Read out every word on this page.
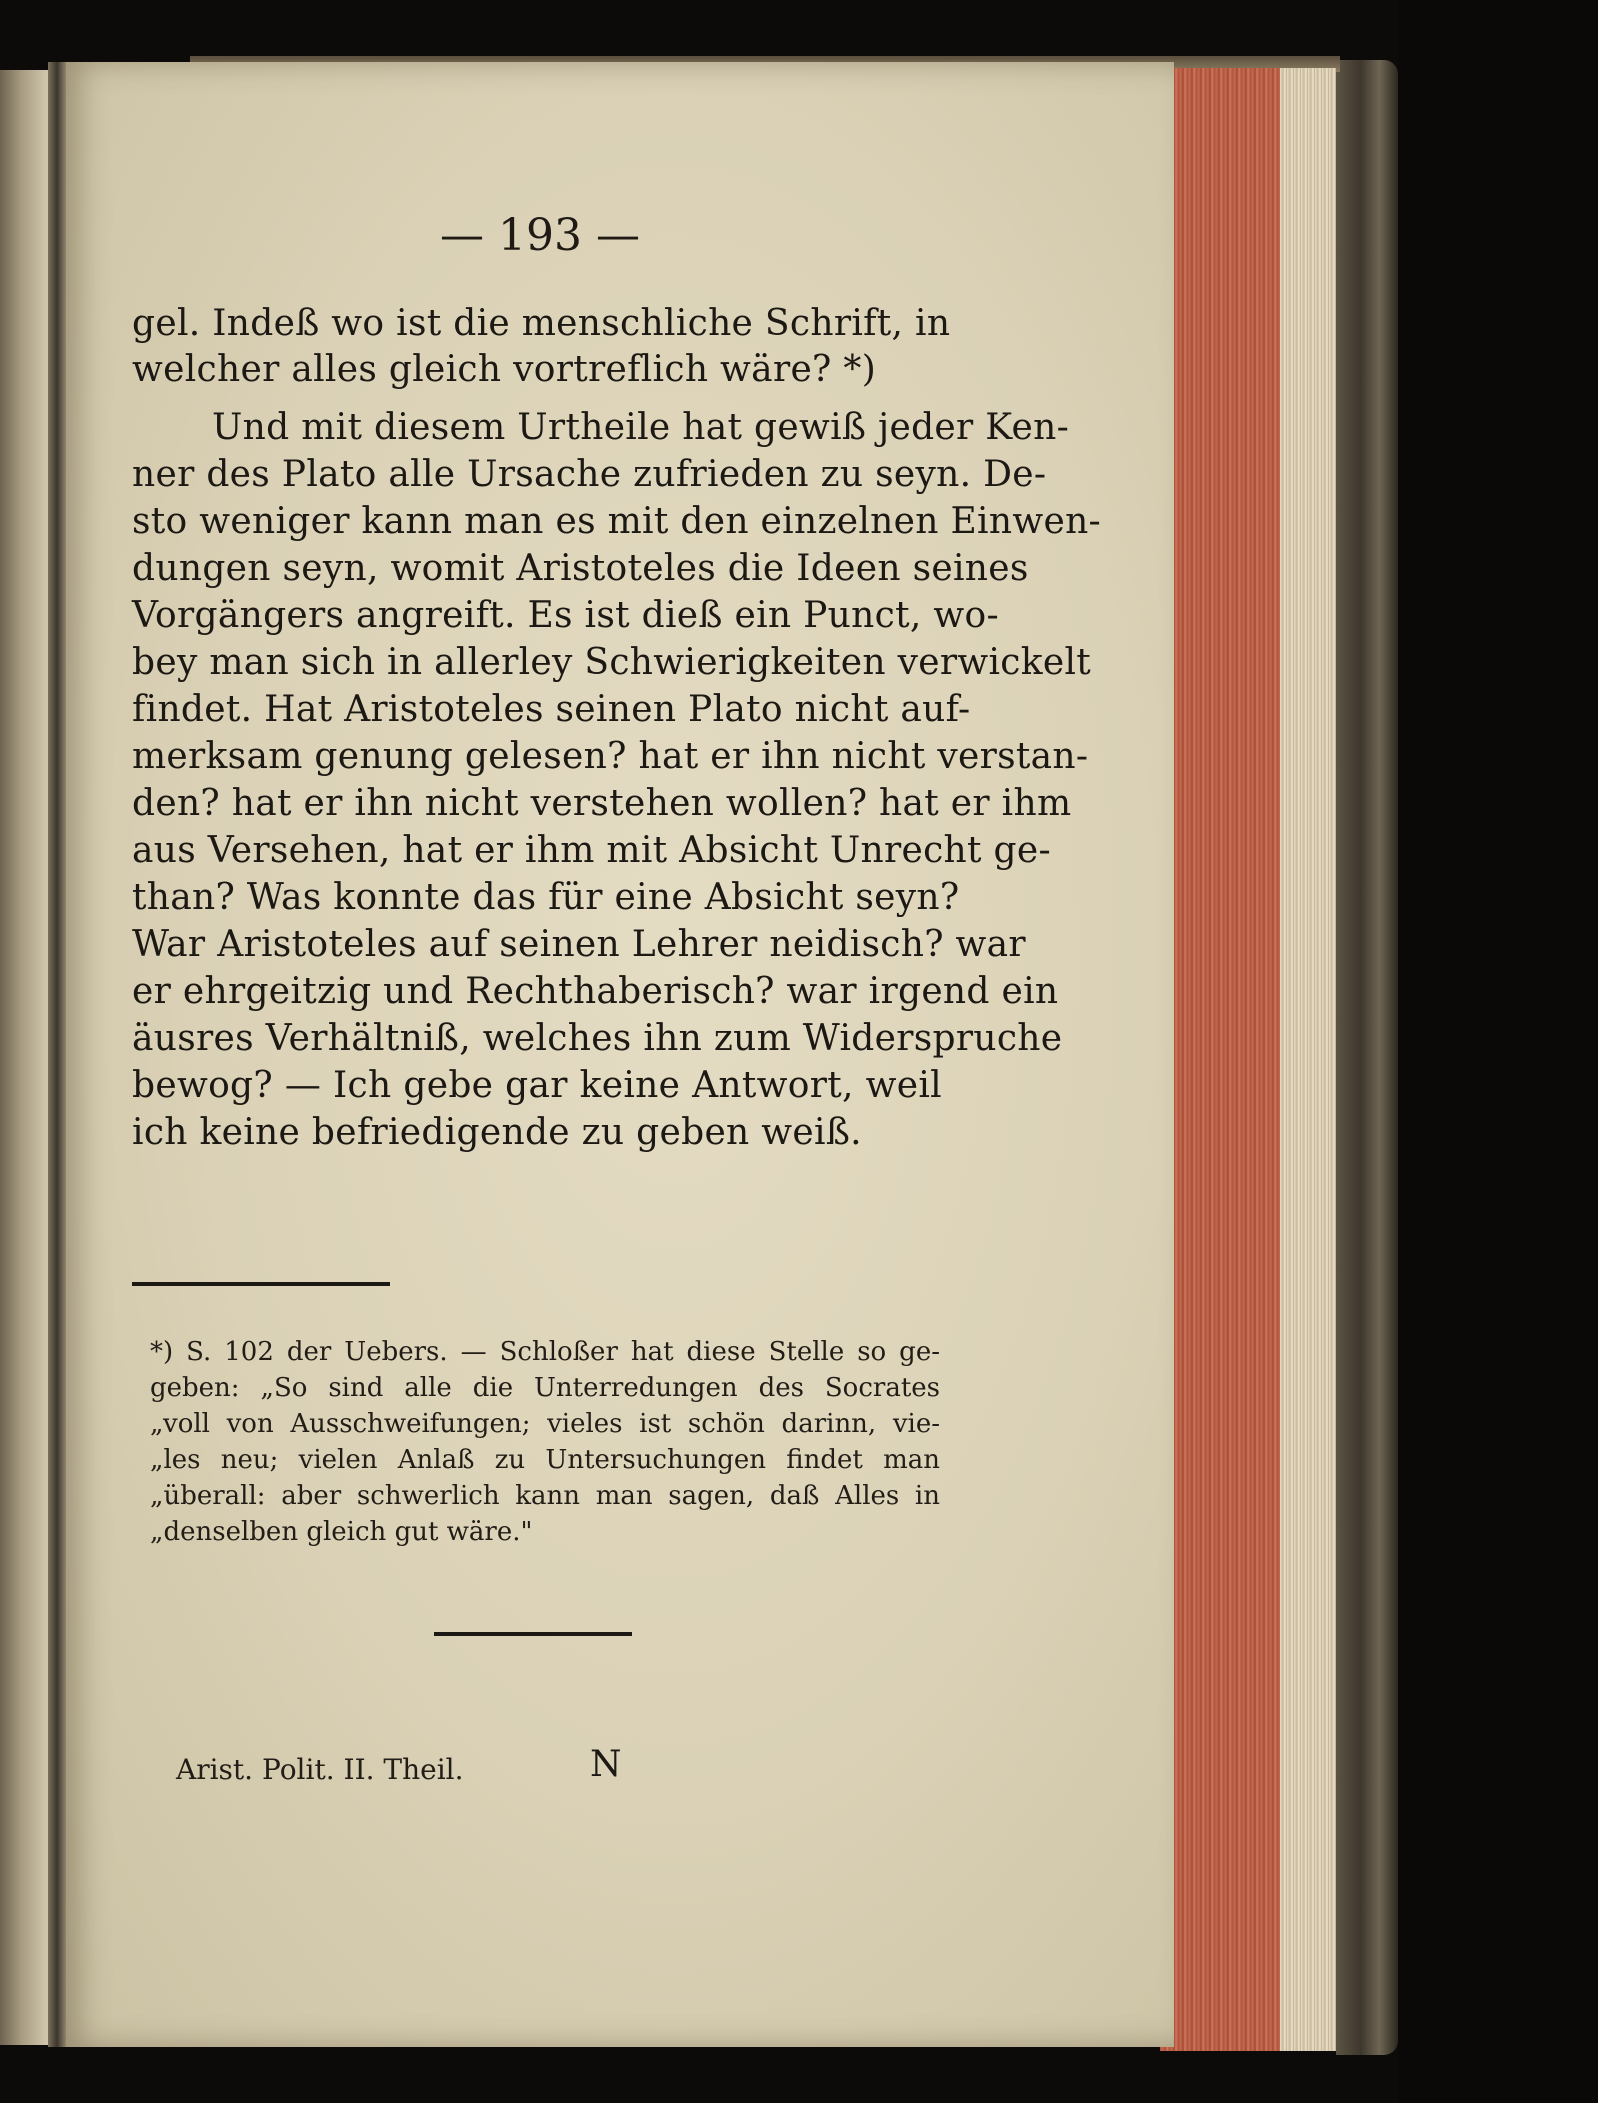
— 193 —
gel. Indeß wo ist die menschliche Schrift, in
welcher alles gleich vortreflich wäre? *)
Und mit diesem Urtheile hat gewiß jeder Ken-
ner des Plato alle Ursache zufrieden zu seyn. De-
sto weniger kann man es mit den einzelnen Einwen-
dungen seyn, womit Aristoteles die Ideen seines
Vorgängers angreift. Es ist dieß ein Punct, wo-
bey man sich in allerley Schwierigkeiten verwickelt
findet. Hat Aristoteles seinen Plato nicht auf-
merksam genung gelesen? hat er ihn nicht verstan-
den? hat er ihn nicht verstehen wollen? hat er ihm
aus Versehen, hat er ihm mit Absicht Unrecht ge-
than? Was konnte das für eine Absicht seyn?
War Aristoteles auf seinen Lehrer neidisch? war
er ehrgeitzig und Rechthaberisch? war irgend ein
äusres Verhältniß, welches ihn zum Widerspruche
bewog? — Ich gebe gar keine Antwort, weil
ich keine befriedigende zu geben weiß.
*) S. 102 der Uebers. — Schloßer hat diese Stelle so ge-
geben: „So sind alle die Unterredungen des Socrates
„voll von Ausschweifungen; vieles ist schön darinn, vie-
„les neu; vielen Anlaß zu Untersuchungen findet man
„überall: aber schwerlich kann man sagen, daß Alles in
„denselben gleich gut wäre."
Arist. Polit. II. Theil.	N
